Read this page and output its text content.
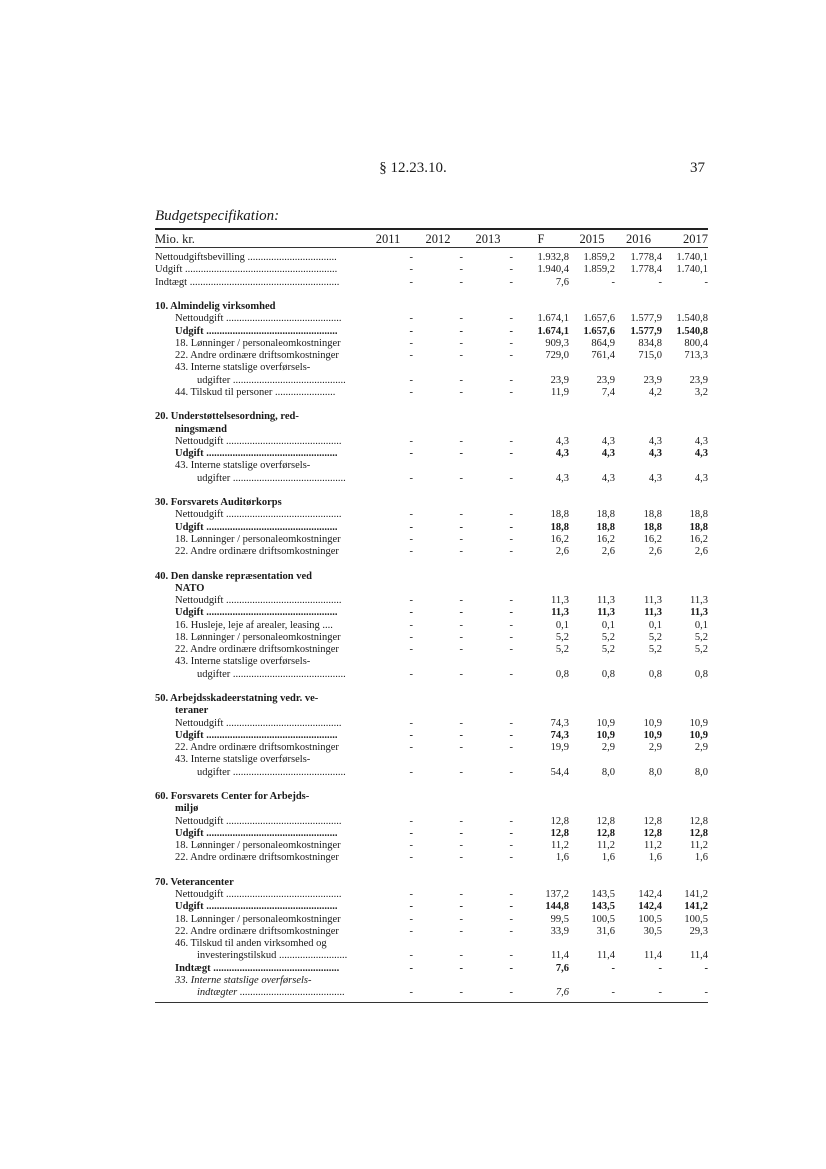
§ 12.23.10.	37
Budgetspecifikation:
Mio. kr.	2011	2012	2013	F	2015	2016	2017

Nettoudgiftsbevilling ..................................	-	-	-	1.932,8	1.859,2	1.778,4	1.740,1
Udgift ..........................................................	-	-	-	1.940,4	1.859,2	1.778,4	1.740,1
Indtægt .........................................................	-	-	-	7,6	-	-	-

10. Almindelig virksomhed							
Nettoudgift ............................................	-	-	-	1.674,1	1.657,6	1.577,9	1.540,8
Udgift ..................................................	-	-	-	1.674,1	1.657,6	1.577,9	1.540,8
18. Lønninger / personaleomkostninger	-	-	-	909,3	864,9	834,8	800,4
22. Andre ordinære driftsomkostninger	-	-	-	729,0	761,4	715,0	713,3
43. Interne statslige overførsels-							
udgifter ...........................................	-	-	-	23,9	23,9	23,9	23,9
44. Tilskud til personer .......................	-	-	-	11,9	7,4	4,2	3,2

20. Understøttelsesordning, red-							
ningsmænd							
Nettoudgift ............................................	-	-	-	4,3	4,3	4,3	4,3
Udgift ..................................................	-	-	-	4,3	4,3	4,3	4,3
43. Interne statslige overførsels-							
udgifter ...........................................	-	-	-	4,3	4,3	4,3	4,3

30. Forsvarets Auditørkorps							
Nettoudgift ............................................	-	-	-	18,8	18,8	18,8	18,8
Udgift ..................................................	-	-	-	18,8	18,8	18,8	18,8
18. Lønninger / personaleomkostninger	-	-	-	16,2	16,2	16,2	16,2
22. Andre ordinære driftsomkostninger	-	-	-	2,6	2,6	2,6	2,6

40. Den danske repræsentation ved							
NATO							
Nettoudgift ............................................	-	-	-	11,3	11,3	11,3	11,3
Udgift ..................................................	-	-	-	11,3	11,3	11,3	11,3
16. Husleje, leje af arealer, leasing ....	-	-	-	0,1	0,1	0,1	0,1
18. Lønninger / personaleomkostninger	-	-	-	5,2	5,2	5,2	5,2
22. Andre ordinære driftsomkostninger	-	-	-	5,2	5,2	5,2	5,2
43. Interne statslige overførsels-							
udgifter ...........................................	-	-	-	0,8	0,8	0,8	0,8

50. Arbejdsskadeerstatning vedr. ve-							
teraner							
Nettoudgift ............................................	-	-	-	74,3	10,9	10,9	10,9
Udgift ..................................................	-	-	-	74,3	10,9	10,9	10,9
22. Andre ordinære driftsomkostninger	-	-	-	19,9	2,9	2,9	2,9
43. Interne statslige overførsels-							
udgifter ...........................................	-	-	-	54,4	8,0	8,0	8,0

60. Forsvarets Center for Arbejds-							
miljø							
Nettoudgift ............................................	-	-	-	12,8	12,8	12,8	12,8
Udgift ..................................................	-	-	-	12,8	12,8	12,8	12,8
18. Lønninger / personaleomkostninger	-	-	-	11,2	11,2	11,2	11,2
22. Andre ordinære driftsomkostninger	-	-	-	1,6	1,6	1,6	1,6

70. Veterancenter							
Nettoudgift ............................................	-	-	-	137,2	143,5	142,4	141,2
Udgift ..................................................	-	-	-	144,8	143,5	142,4	141,2
18. Lønninger / personaleomkostninger	-	-	-	99,5	100,5	100,5	100,5
22. Andre ordinære driftsomkostninger	-	-	-	33,9	31,6	30,5	29,3
46. Tilskud til anden virksomhed og							
investeringstilskud ..........................	-	-	-	11,4	11,4	11,4	11,4
Indtægt ................................................	-	-	-	7,6	-	-	-
33. Interne statslige overførsels-							
indtægter ........................................	-	-	-	7,6	-	-	-
